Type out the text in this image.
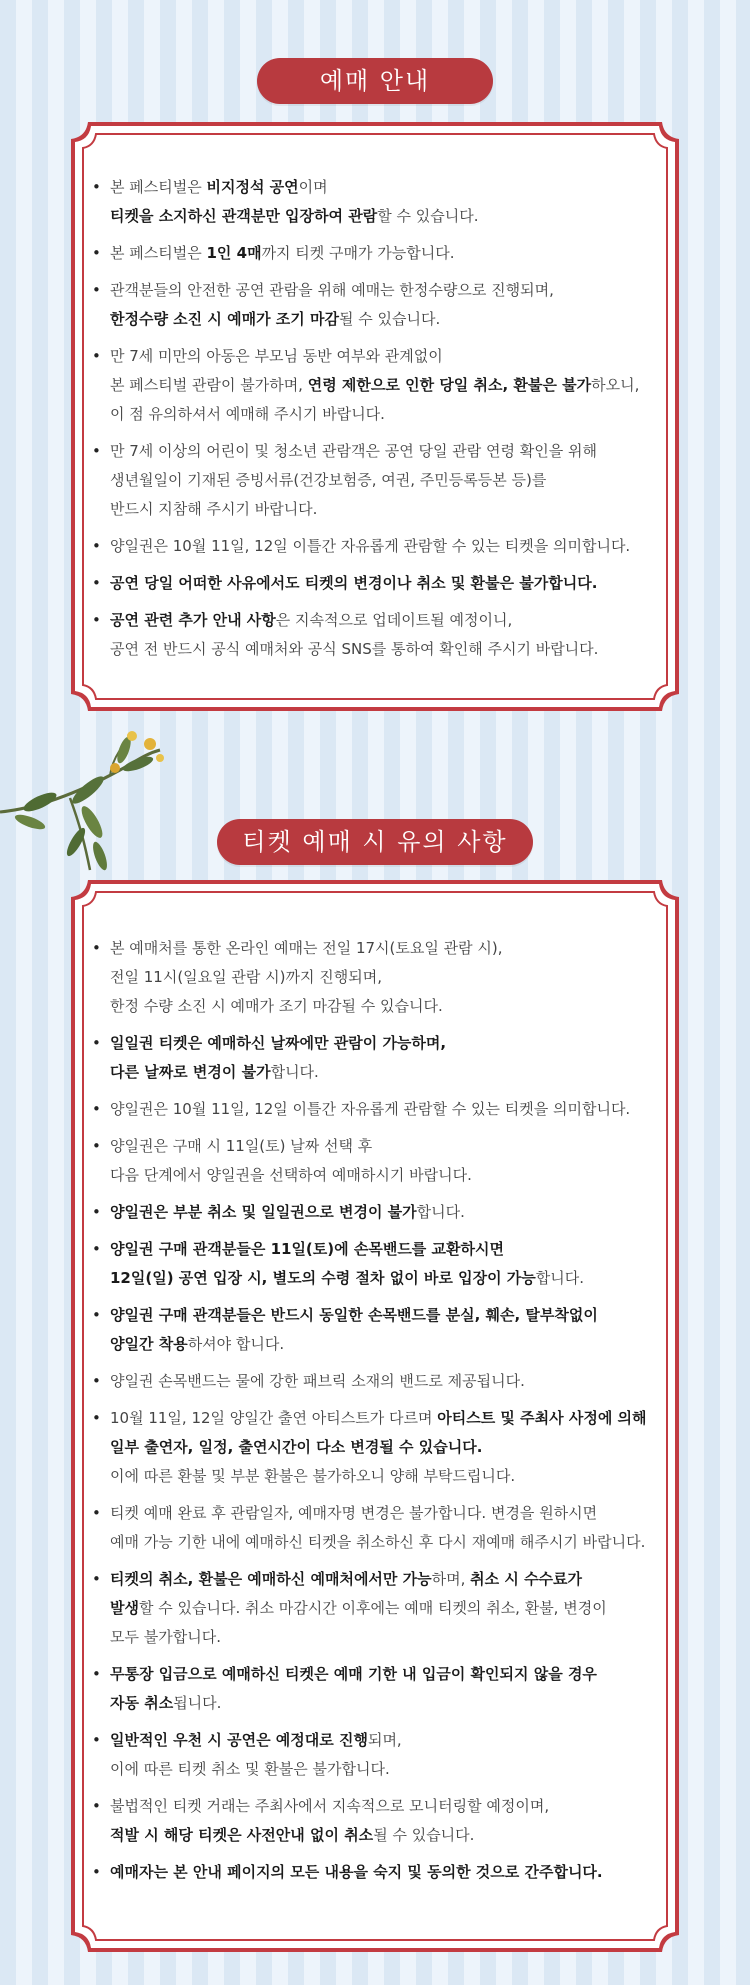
예매 안내
• 본 페스티벌은 비지정석 공연이며
티켓을 소지하신 관객분만 입장하여 관람할 수 있습니다.
• 본 페스티벌은 1인 4매까지 티켓 구매가 가능합니다.
• 관객분들의 안전한 공연 관람을 위해 예매는 한정수량으로 진행되며,
한정수량 소진 시 예매가 조기 마감될 수 있습니다.
• 만 7세 미만의 아동은 부모님 동반 여부와 관계없이
본 페스티벌 관람이 불가하며, 연령 제한으로 인한 당일 취소, 환불은 불가하오니,
이 점 유의하셔서 예매해 주시기 바랍니다.
• 만 7세 이상의 어린이 및 청소년 관람객은 공연 당일 관람 연령 확인을 위해
생년월일이 기재된 증빙서류(건강보험증, 여권, 주민등록등본 등)를
반드시 지참해 주시기 바랍니다.
• 양일권은 10월 11일, 12일 이틀간 자유롭게 관람할 수 있는 티켓을 의미합니다.
• 공연 당일 어떠한 사유에서도 티켓의 변경이나 취소 및 환불은 불가합니다.
• 공연 관련 추가 안내 사항은 지속적으로 업데이트될 예정이니,
공연 전 반드시 공식 예매처와 공식 SNS를 통하여 확인해 주시기 바랍니다.
티켓 예매 시 유의 사항
• 본 예매처를 통한 온라인 예매는 전일 17시(토요일 관람 시),
전일 11시(일요일 관람 시)까지 진행되며,
한정 수량 소진 시 예매가 조기 마감될 수 있습니다.
• 일일권 티켓은 예매하신 날짜에만 관람이 가능하며,
다른 날짜로 변경이 불가합니다.
• 양일권은 10월 11일, 12일 이틀간 자유롭게 관람할 수 있는 티켓을 의미합니다.
• 양일권은 구매 시 11일(토) 날짜 선택 후
다음 단계에서 양일권을 선택하여 예매하시기 바랍니다.
• 양일권은 부분 취소 및 일일권으로 변경이 불가합니다.
• 양일권 구매 관객분들은 11일(토)에 손목밴드를 교환하시면
12일(일) 공연 입장 시, 별도의 수령 절차 없이 바로 입장이 가능합니다.
• 양일권 구매 관객분들은 반드시 동일한 손목밴드를 분실, 훼손, 탈부착없이
양일간 착용하셔야 합니다.
• 양일권 손목밴드는 물에 강한 패브릭 소재의 밴드로 제공됩니다.
• 10월 11일, 12일 양일간 출연 아티스트가 다르며 아티스트 및 주최사 사정에 의해
일부 출연자, 일정, 출연시간이 다소 변경될 수 있습니다.
이에 따른 환불 및 부분 환불은 불가하오니 양해 부탁드립니다.
• 티켓 예매 완료 후 관람일자, 예매자명 변경은 불가합니다. 변경을 원하시면
예매 가능 기한 내에 예매하신 티켓을 취소하신 후 다시 재예매 해주시기 바랍니다.
• 티켓의 취소, 환불은 예매하신 예매처에서만 가능하며, 취소 시 수수료가
발생할 수 있습니다. 취소 마감시간 이후에는 예매 티켓의 취소, 환불, 변경이
모두 불가합니다.
• 무통장 입금으로 예매하신 티켓은 예매 기한 내 입금이 확인되지 않을 경우
자동 취소됩니다.
• 일반적인 우천 시 공연은 예정대로 진행되며,
이에 따른 티켓 취소 및 환불은 불가합니다.
• 불법적인 티켓 거래는 주최사에서 지속적으로 모니터링할 예정이며,
적발 시 해당 티켓은 사전안내 없이 취소될 수 있습니다.
• 예매자는 본 안내 페이지의 모든 내용을 숙지 및 동의한 것으로 간주합니다.
